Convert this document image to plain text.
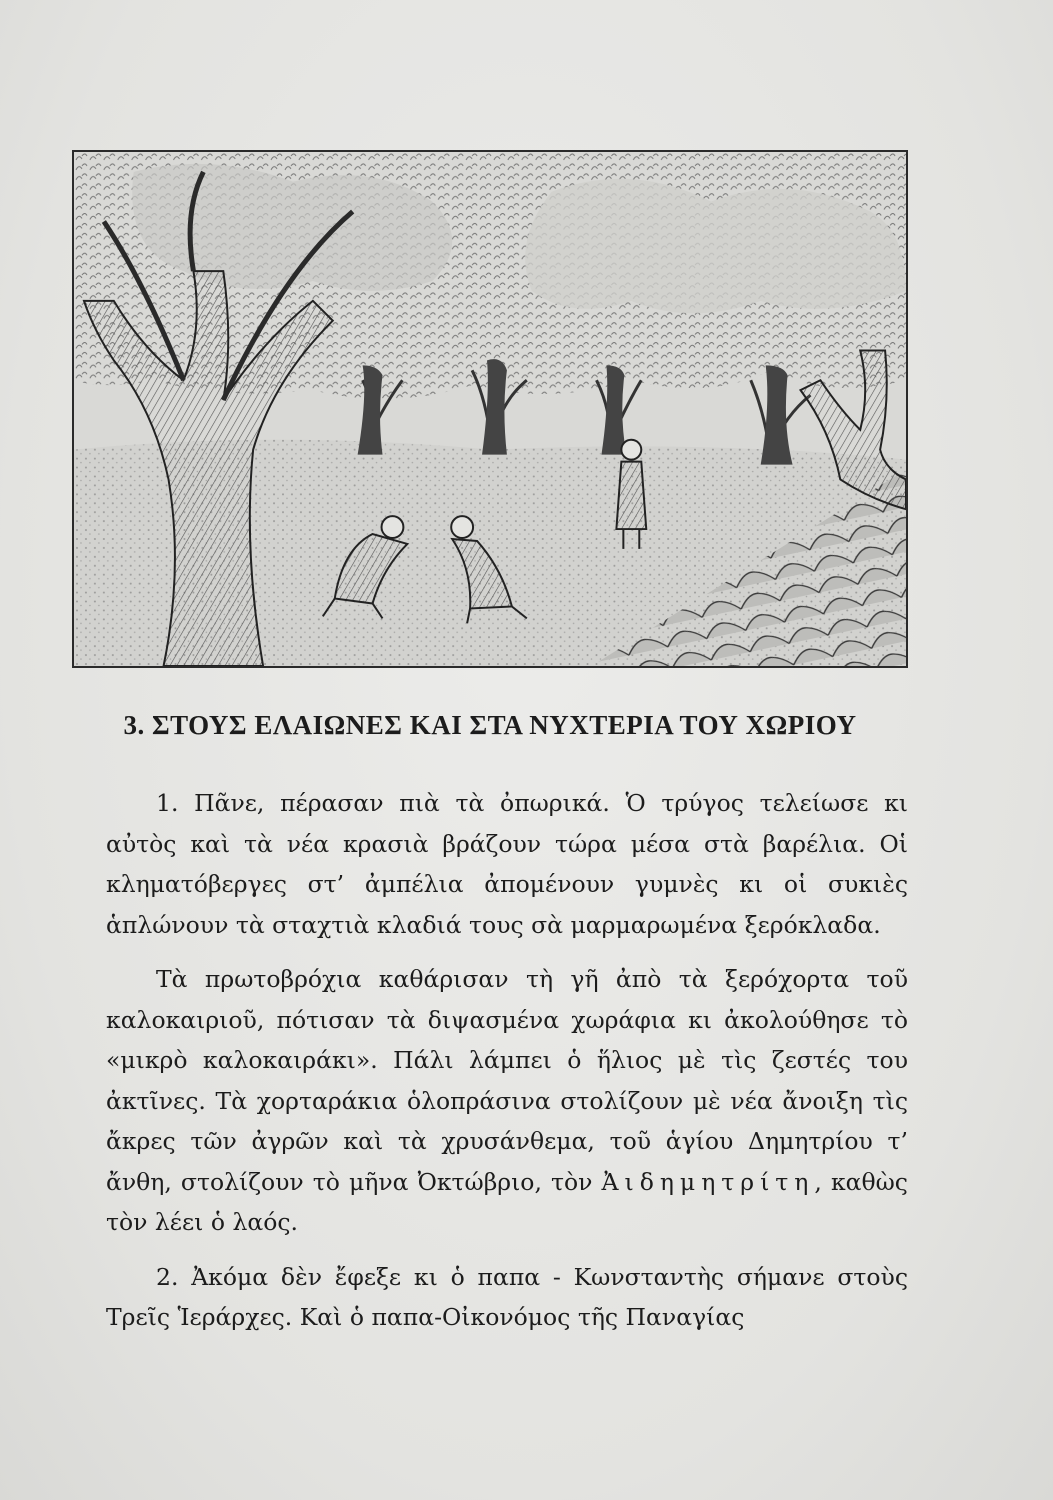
3. ΣΤΟΥΣ ΕΛΑΙΩΝΕΣ ΚΑΙ ΣΤΑ ΝΥΧΤΕΡΙΑ ΤΟΥ ΧΩΡΙΟΥ

1. Πᾶνε, πέρασαν πιὰ τὰ ὀπωρικά. Ὁ τρύγος τελείωσε κι αὐτὸς καὶ τὰ νέα κρασιὰ βράζουν τώρα μέσα στὰ βαρέλια. Οἱ κληματόβεργες στ’ ἀμπέλια ἀπομένουν γυμνὲς κι οἱ συκιὲς ἁπλώνουν τὰ σταχτιὰ κλαδιά τους σὰ μαρμαρωμένα ξερόκλαδα.

Τὰ πρωτοβρόχια καθάρισαν τὴ γῆ ἀπὸ τὰ ξερόχορτα τοῦ καλοκαιριοῦ, πότισαν τὰ διψασμένα χωράφια κι ἀκολούθησε τὸ «μικρὸ καλοκαιράκι». Πάλι λάμπει ὁ ἥλιος μὲ τὶς ζεστές του ἀκτῖνες. Τὰ χορταράκια ὁλοπράσινα στολίζουν μὲ νέα ἄνοιξη τὶς ἄκρες τῶν ἀγρῶν καὶ τὰ χρυσάνθεμα, τοῦ ἁγίου Δημητρίου τ’ ἄνθη, στολίζουν τὸ μῆνα Ὀκτώβριο, τὸν Ἀιδημητρίτη, καθὼς τὸν λέει ὁ λαός.

2. Ἀκόμα δὲν ἔφεξε κι ὁ παπα - Κωνσταντὴς σήμανε στοὺς Τρεῖς Ἱεράρχες. Καὶ ὁ παπα-Οἰκονόμος τῆς Παναγίας
